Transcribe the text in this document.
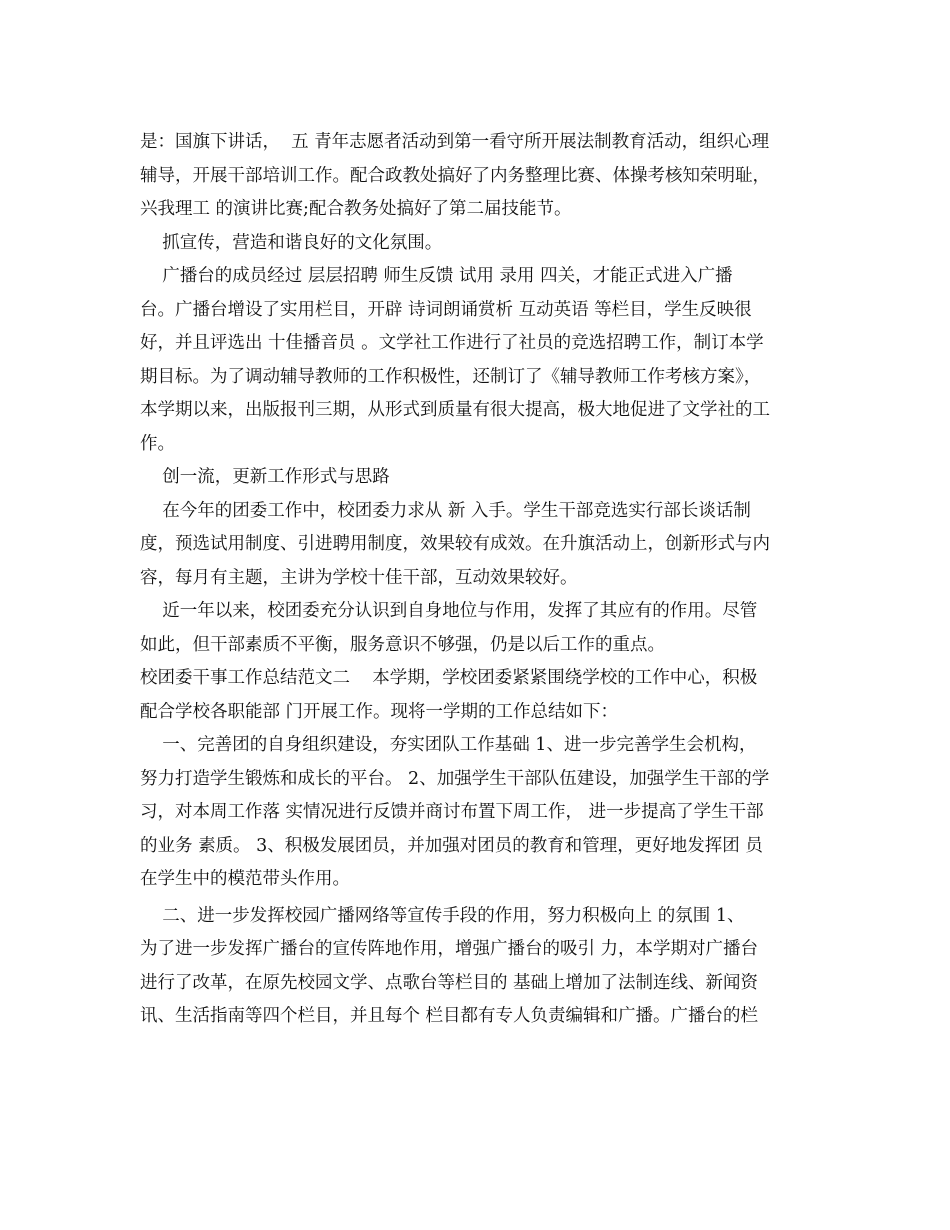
是：国旗下讲话，  五 青年志愿者活动到第一看守所开展法制教育活动，组织心理
辅导，开展干部培训工作。配合政教处搞好了内务整理比赛、体操考核知荣明耻，
兴我理工 的演讲比赛;配合教务处搞好了第二届技能节。
抓宣传，营造和谐良好的文化氛围。
广播台的成员经过 层层招聘 师生反馈 试用 录用 四关，才能正式进入广播
台。广播台增设了实用栏目，开辟 诗词朗诵赏析 互动英语 等栏目，学生反映很
好，并且评选出 十佳播音员 。文学社工作进行了社员的竞选招聘工作，制订本学
期目标。为了调动辅导教师的工作积极性，还制订了《辅导教师工作考核方案》，
本学期以来，出版报刊三期，从形式到质量有很大提高，极大地促进了文学社的工
作。
创一流，更新工作形式与思路
在今年的团委工作中，校团委力求从 新 入手。学生干部竞选实行部长谈话制
度，预选试用制度、引进聘用制度，效果较有成效。在升旗活动上，创新形式与内
容，每月有主题，主讲为学校十佳干部，互动效果较好。
近一年以来，校团委充分认识到自身地位与作用，发挥了其应有的作用。尽管
如此，但干部素质不平衡，服务意识不够强，仍是以后工作的重点。
校团委干事工作总结范文二    本学期，学校团委紧紧围绕学校的工作中心，积极
配合学校各职能部 门开展工作。现将一学期的工作总结如下：
一、完善团的自身组织建设，夯实团队工作基础 1、进一步完善学生会机构，
努力打造学生锻炼和成长的平台。 2、加强学生干部队伍建设，加强学生干部的学
习，对本周工作落 实情况进行反馈并商讨布置下周工作， 进一步提高了学生干部
的业务 素质。 3、积极发展团员，并加强对团员的教育和管理，更好地发挥团 员
在学生中的模范带头作用。
二、进一步发挥校园广播网络等宣传手段的作用，努力积极向上 的氛围 1、
为了进一步发挥广播台的宣传阵地作用，增强广播台的吸引 力，本学期对广播台
进行了改革，在原先校园文学、点歌台等栏目的 基础上增加了法制连线、新闻资
讯、生活指南等四个栏目，并且每个 栏目都有专人负责编辑和广播。广播台的栏
